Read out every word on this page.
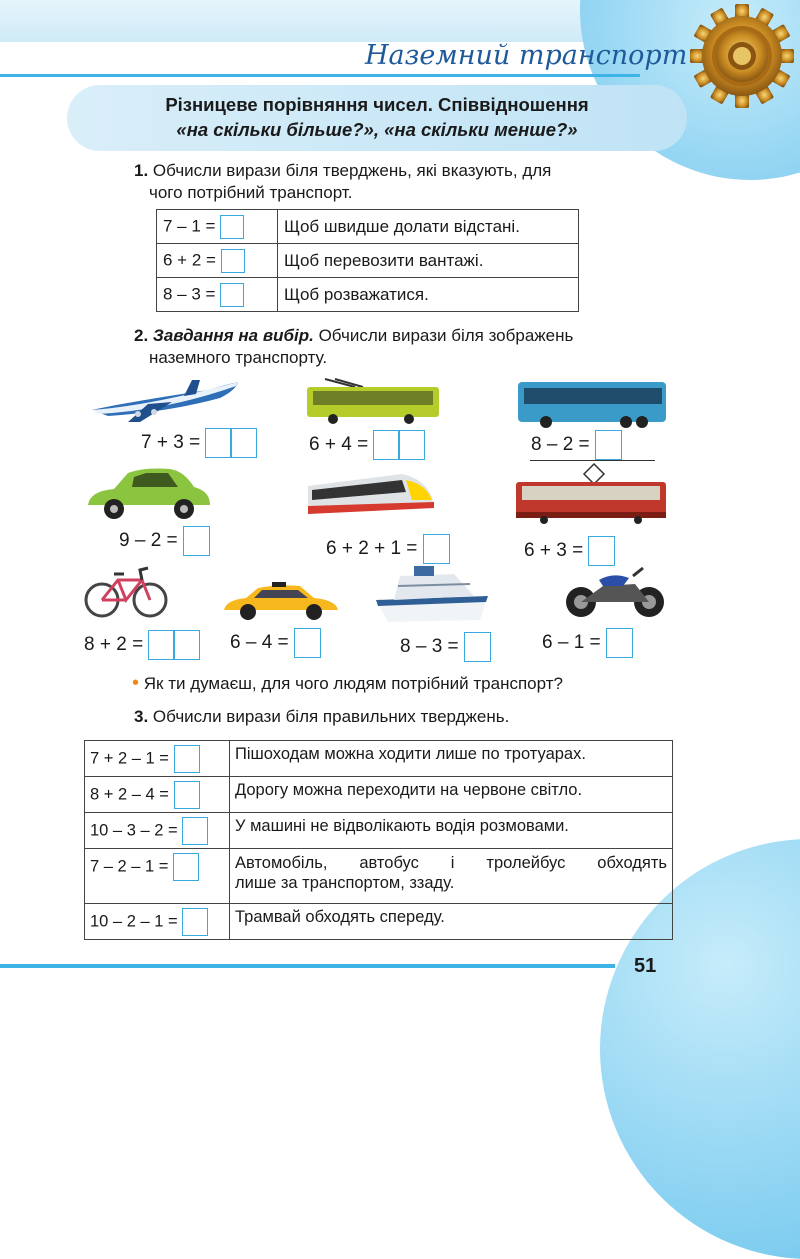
Наземний транспорт
Різницеве порівняння чисел. Співвідношення
«на скільки більше?», «на скільки менше?»
1. Обчисли вирази біля тверджень, які вказують, для
чого потрібний транспорт.
7 – 1 =	Щоб швидше долати відстані.
6 + 2 =	Щоб перевозити вантажі.
8 – 3 =	Щоб розважатися.
2. Завдання на вибір. Обчисли вирази біля зображень
наземного транспорту.
7 + 3 =	6 + 4 =	8 – 2 =
9 – 2 =	6 + 2 + 1 =	6 + 3 =
8 + 2 =	6 – 4 =	8 – 3 =	6 – 1 =
• Як ти думаєш, для чого людям потрібний транспорт?
3. Обчисли вирази біля правильних тверджень.
7 + 2 – 1 =	Пішоходам можна ходити лише по тротуарах.
8 + 2 – 4 =	Дорогу можна переходити на червоне світло.
10 – 3 – 2 =	У машині не відволікають водія розмовами.
7 – 2 – 1 =	Автомобіль, автобус і тролейбус обходять
лише за транспортом, ззаду.

10 – 2 – 1 =	Трамвай обходять спереду.
51
